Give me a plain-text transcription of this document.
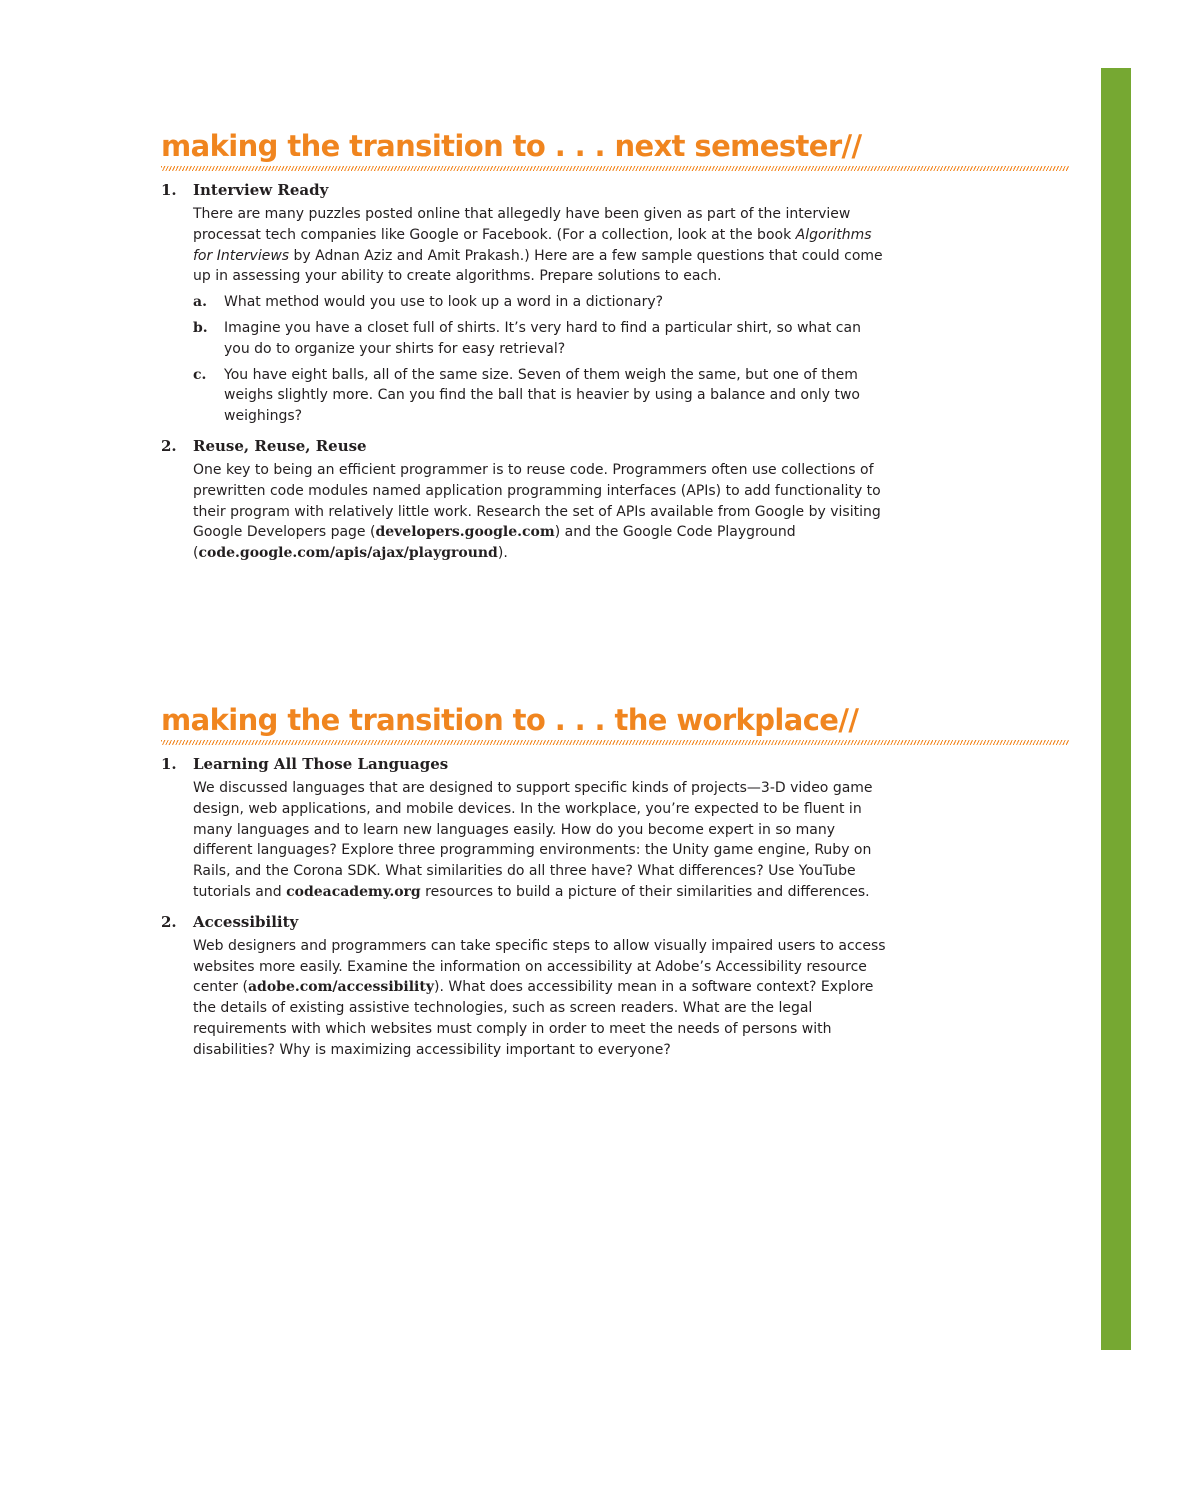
making the transition to . . . next semester//
1. Interview Ready

There are many puzzles posted online that allegedly have been given as part of the interview processat tech companies like Google or Facebook. (For a collection, look at the book Algorithms for Interviews by Adnan Aziz and Amit Prakash.) Here are a few sample questions that could come up in assessing your ability to create algorithms. Prepare solutions to each.

a. What method would you use to look up a word in a dictionary?

b. Imagine you have a closet full of shirts. It’s very hard to find a particular shirt, so what can you do to organize your shirts for easy retrieval?

c. You have eight balls, all of the same size. Seven of them weigh the same, but one of them weighs slightly more. Can you find the ball that is heavier by using a balance and only two weighings?

2. Reuse, Reuse, Reuse

One key to being an efficient programmer is to reuse code. Programmers often use collections of prewritten code modules named application programming interfaces (APIs) to add functionality to their program with relatively little work. Research the set of APIs available from Google by visiting Google Developers page (developers.google.com) and the Google Code Playground (code.google.com/apis/ajax/playground).

making the transition to . . . the workplace//
1. Learning All Those Languages

We discussed languages that are designed to support specific kinds of projects—3-D video game design, web applications, and mobile devices. In the workplace, you’re expected to be fluent in many languages and to learn new languages easily. How do you become expert in so many different languages? Explore three programming environments: the Unity game engine, Ruby on Rails, and the Corona SDK. What similarities do all three have? What differences? Use YouTube tutorials and codeacademy.org resources to build a picture of their similarities and differences.

2. Accessibility

Web designers and programmers can take specific steps to allow visually impaired users to access websites more easily. Examine the information on accessibility at Adobe’s Accessibility resource center (adobe.com/accessibility). What does accessibility mean in a software context? Explore the details of existing assistive technologies, such as screen readers. What are the legal requirements with which websites must comply in order to meet the needs of persons with disabilities? Why is maximizing accessibility important to everyone?
